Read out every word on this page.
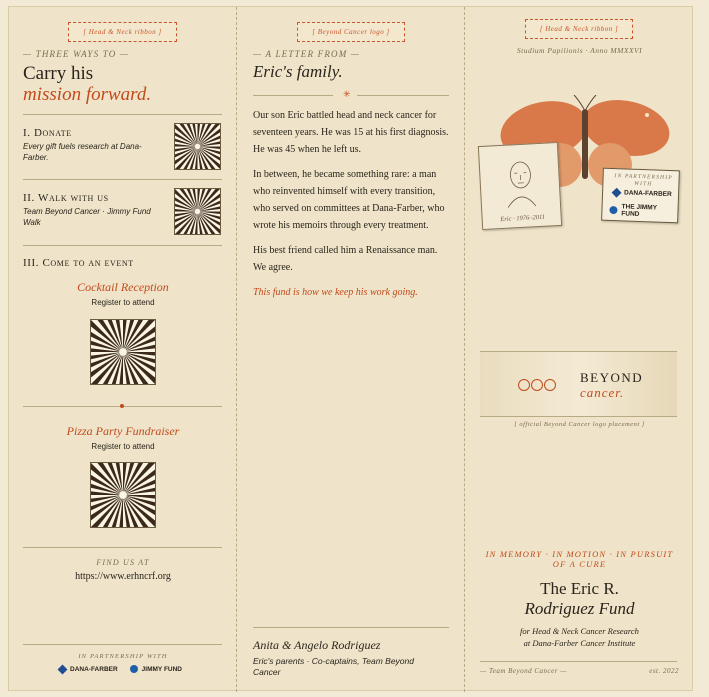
[ Head & Neck ribbon ]
— THREE WAYS TO —
Carry his
mission forward.
I. Donate
Every gift fuels research at Dana-Farber.
II. Walk with us
Team Beyond Cancer · Jimmy Fund Walk
III. Come to an event
Cocktail Reception
Register to attend
Pizza Party Fundraiser
Register to attend
FIND US AT
https://www.erhncrf.org
IN PARTNERSHIP WITH
DANA-FARBER	JIMMY FUND
[ Beyond Cancer logo ]
— A LETTER FROM —
Eric's family.
✳

Our son Eric battled head and neck cancer for seventeen years. He was 15 at his first diagnosis. He was 45 when he left us.

In between, he became something rare: a man who reinvented himself with every transition, who served on committees at Dana-Farber, who wrote his memoirs through every treatment.

His best friend called him a Renaissance man. We agree.

This fund is how we keep his work going.

Anita & Angelo Rodriguez
Eric's parents · Co-captains, Team Beyond Cancer
[ Head & Neck ribbon ]
Studium Papilionis · Anno MMXXVI
Eric · 1976–2011
IN PARTNERSHIP WITH
DANA-FARBER
THE JIMMY
FUND
BEYOND
cancer.
[ official Beyond Cancer logo placement ]
IN MEMORY · IN MOTION · IN PURSUIT
OF A CURE
The Eric R.
Rodriguez Fund
for Head & Neck Cancer Research
at Dana-Farber Cancer Institute
— Team Beyond Cancer —	est. 2022
